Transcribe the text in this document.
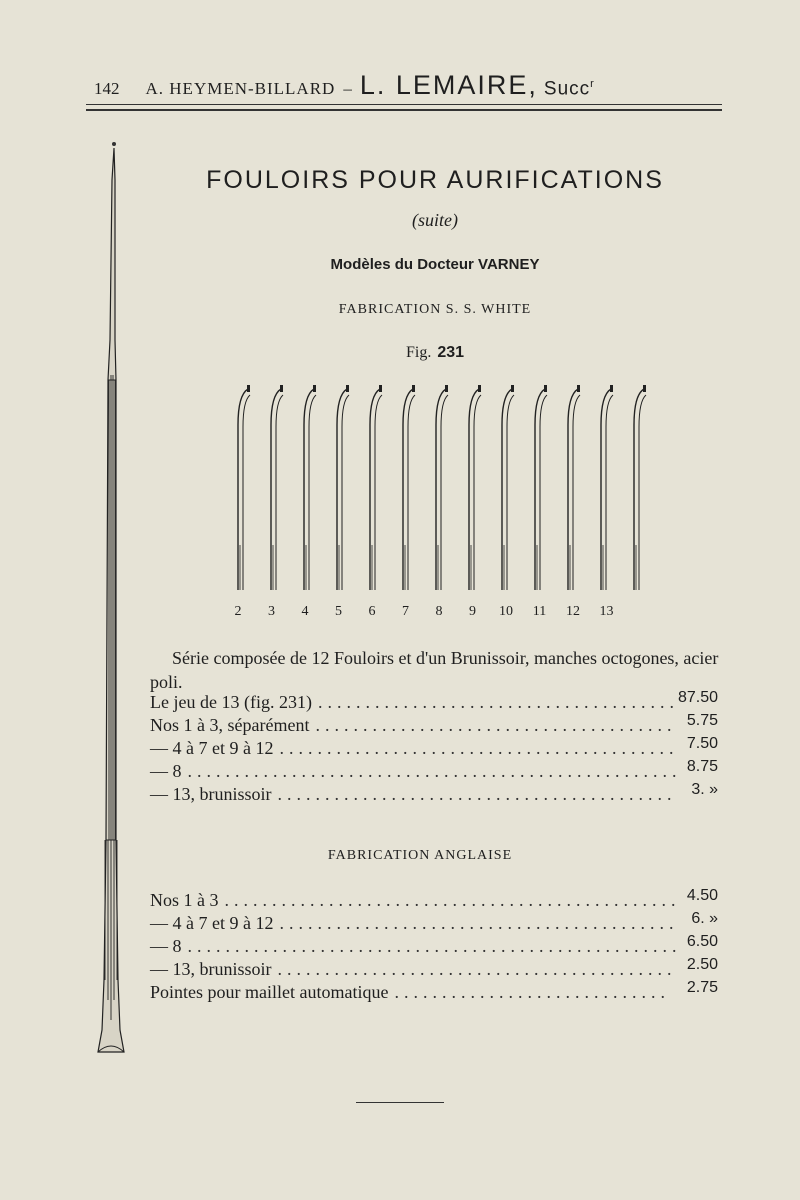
142 A. HEYMEN-BILLARD – L. LEMAIRE, Succ$^r$
FOULOIRS POUR AURIFICATIONS
(suite)
Modèles du Docteur VARNEY
FABRICATION S. S. WHITE
Fig. 231
2 3 4 5 6 7 8 9 10 11 12 13
Série composée de 12 Fouloirs et d'un Brunissoir, manches octogones, acier poli.
Le jeu de 13 (fig. 231) ...................................... 87.50
Nos 1 à 3, séparément ...................................... 5.75
— 4 à 7 et 9 à 12 .......................................... 7.50
— 8 .................................................... 8.75
— 13, brunissoir .......................................... 3. »
FABRICATION ANGLAISE
Nos 1 à 3 ................................................ 4.50
— 4 à 7 et 9 à 12 .......................................... 6. »
— 8 .................................................... 6.50
— 13, brunissoir .......................................... 2.50
Pointes pour maillet automatique .............................	2.75
